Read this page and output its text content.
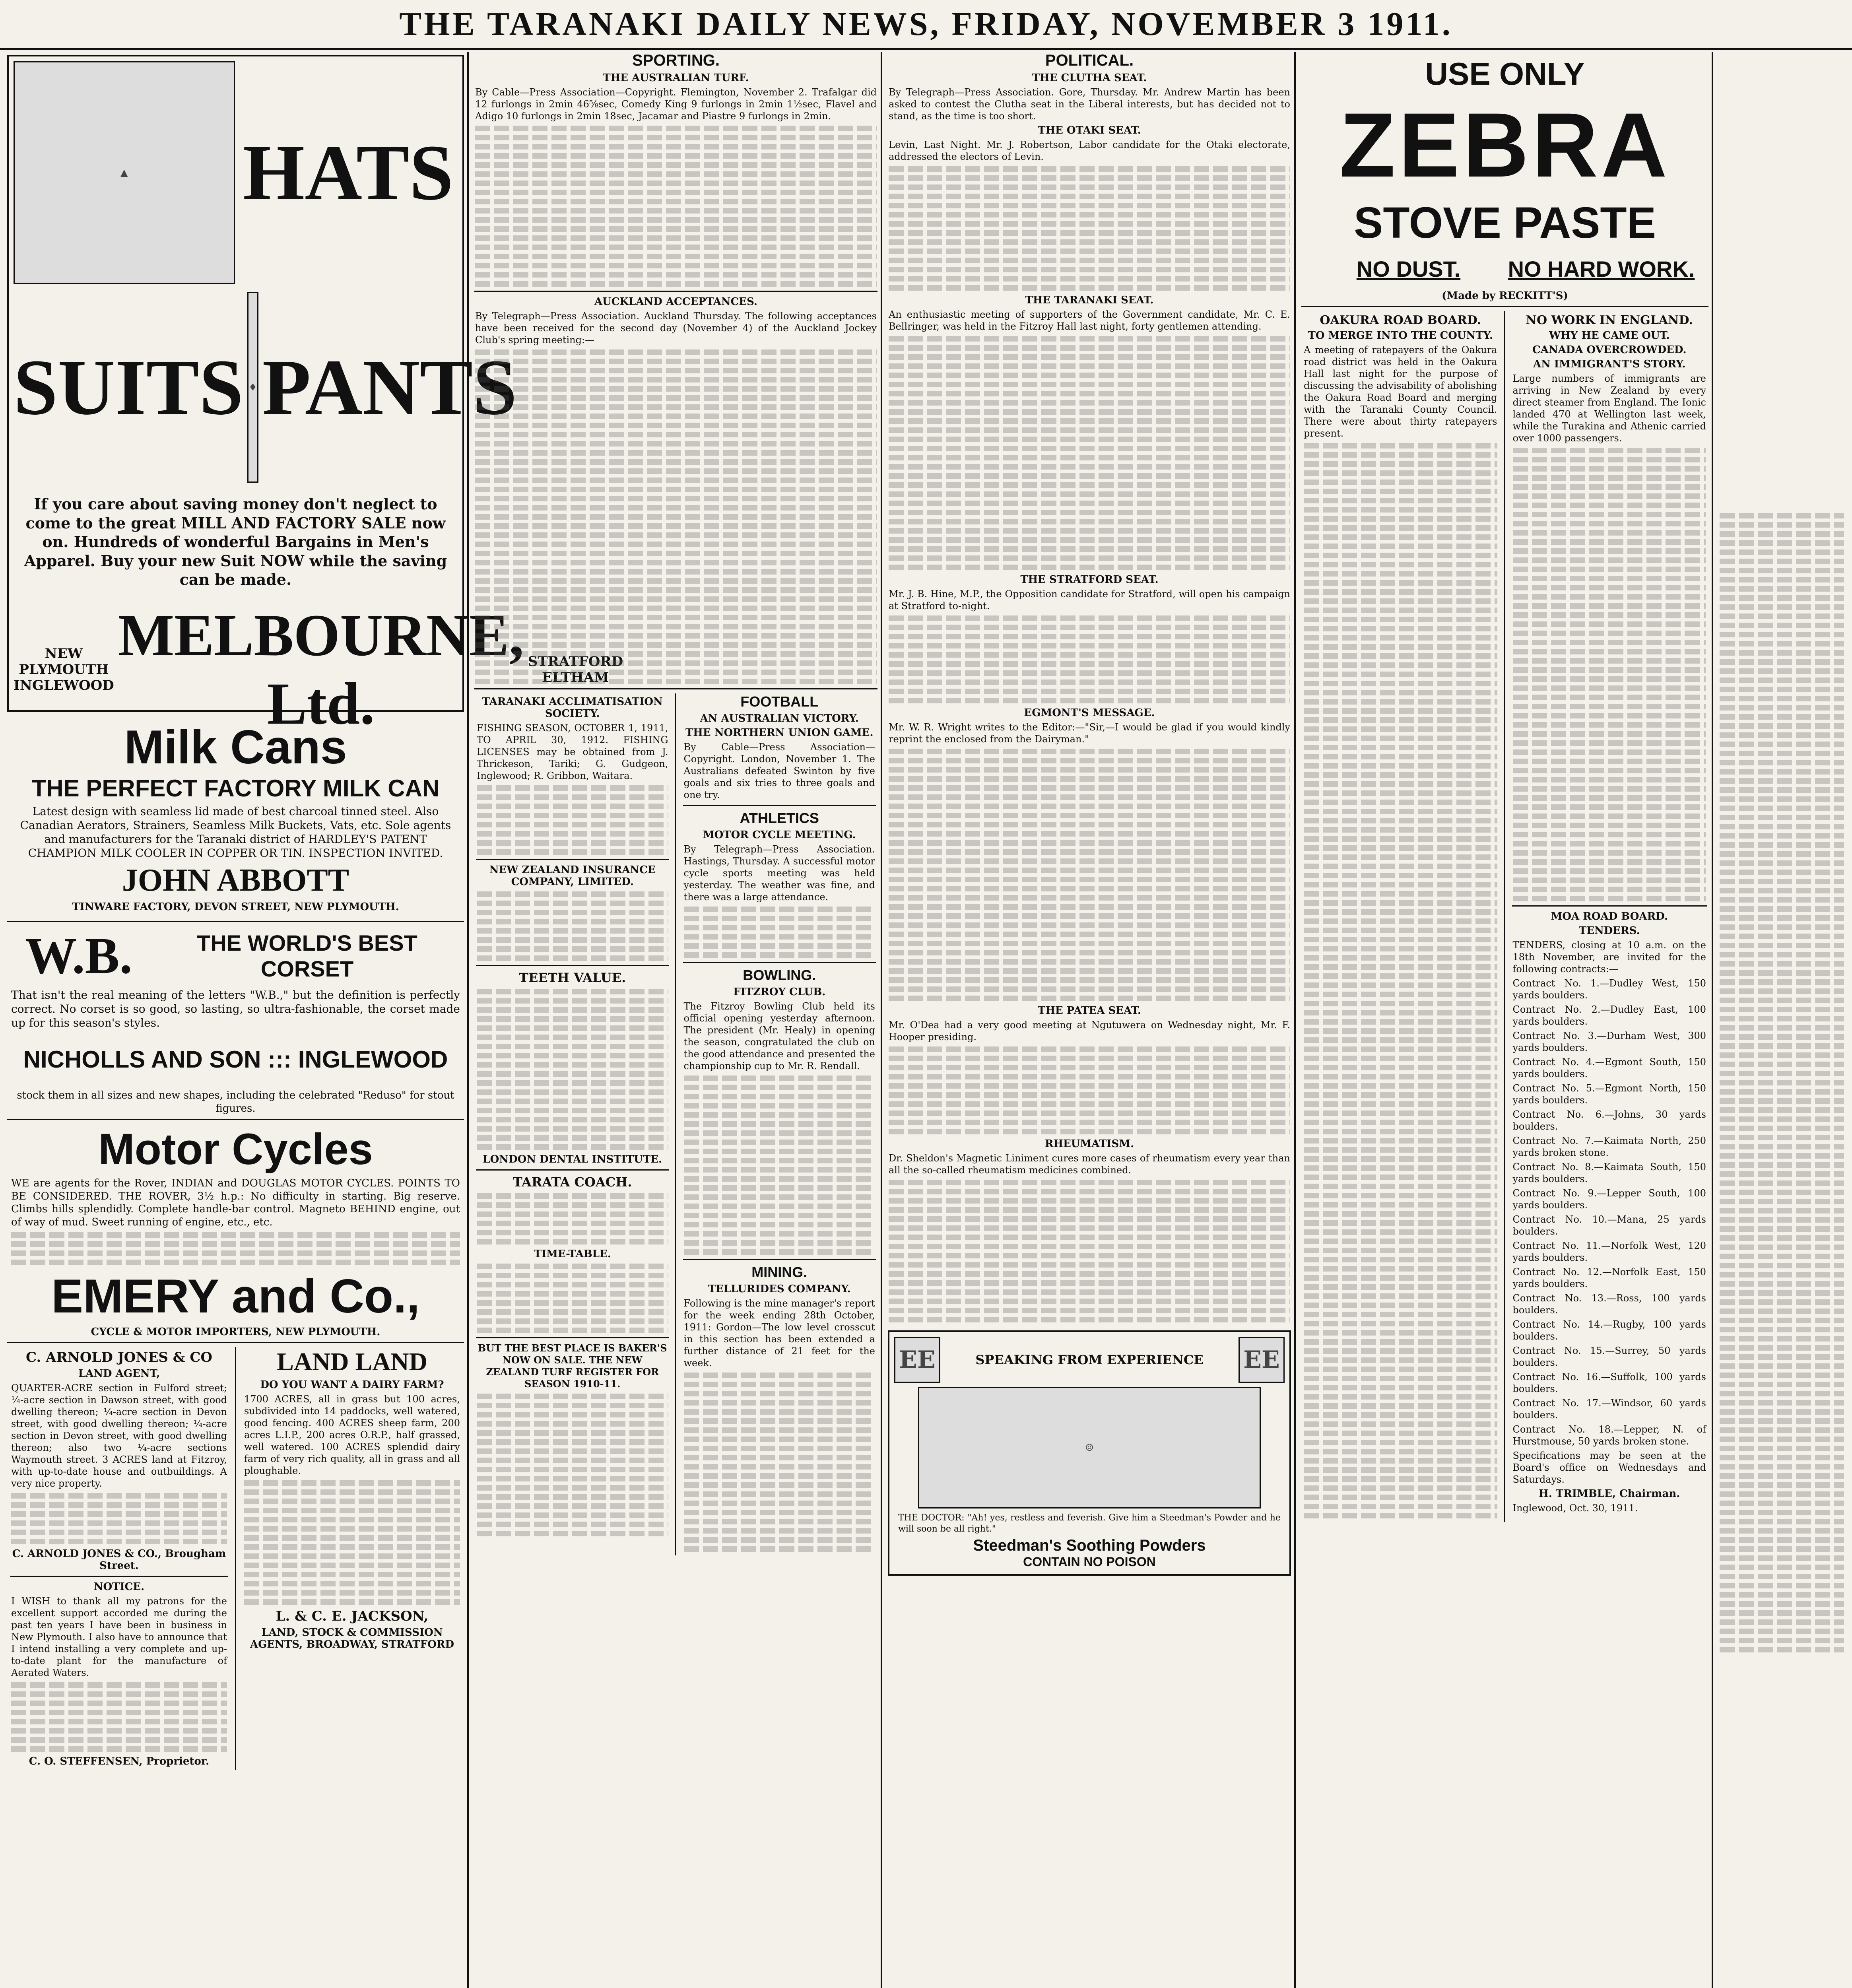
THE TARANAKI DAILY NEWS, FRIDAY, NOVEMBER 3 1911.
▲	HATS
SUITS ♦ PANTS
If you care about saving money don't neglect to come to the great MILL AND FACTORY SALE now on. Hundreds of wonderful Bargains in Men's Apparel. Buy your new Suit NOW while the saving can be made.
NEW PLYMOUTH INGLEWOOD
MELBOURNE, Ltd.
STRATFORD ELTHAM
Milk Cans
THE PERFECT FACTORY MILK CAN
Latest design with seamless lid made of best charcoal tinned steel. Also Canadian Aerators, Strainers, Seamless Milk Buckets, Vats, etc. Sole agents and manufacturers for the Taranaki district of HARDLEY'S PATENT CHAMPION MILK COOLER IN COPPER OR TIN. INSPECTION INVITED.
JOHN ABBOTT
TINWARE FACTORY, DEVON STREET, NEW PLYMOUTH.
W.B.	THE WORLD'S BEST CORSET
That isn't the real meaning of the letters "W.B.," but the definition is perfectly correct. No corset is so good, so lasting, so ultra-fashionable, the corset made up for this season's styles.
NICHOLLS AND SON ::: INGLEWOOD
stock them in all sizes and new shapes, including the celebrated "Reduso" for stout figures.
Motor Cycles
WE are agents for the Rover, INDIAN and DOUGLAS MOTOR CYCLES. POINTS TO BE CONSIDERED. THE ROVER, 3½ h.p.: No difficulty in starting. Big reserve. Climbs hills splendidly. Complete handle-bar control. Magneto BEHIND engine, out of way of mud. Sweet running of engine, etc., etc.
EMERY and Co.,
CYCLE & MOTOR IMPORTERS, NEW PLYMOUTH.
C. ARNOLD JONES & CO
LAND AGENT,
QUARTER-ACRE section in Fulford street; ¼-acre section in Dawson street, with good dwelling thereon; ¼-acre section in Devon street, with good dwelling thereon; ¼-acre section in Devon street, with good dwelling thereon; also two ¼-acre sections Waymouth street. 3 ACRES land at Fitzroy, with up-to-date house and outbuildings. A very nice property.
C. ARNOLD JONES & CO., Brougham Street.
NOTICE.
I WISH to thank all my patrons for the excellent support accorded me during the past ten years I have been in business in New Plymouth. I also have to announce that I intend installing a very complete and up-to-date plant for the manufacture of Aerated Waters.
C. O. STEFFENSEN, Proprietor.
LAND LAND
DO YOU WANT A DAIRY FARM?
1700 ACRES, all in grass but 100 acres, subdivided into 14 paddocks, well watered, good fencing. 400 ACRES sheep farm, 200 acres L.I.P., 200 acres O.R.P., half grassed, well watered. 100 ACRES splendid dairy farm of very rich quality, all in grass and all ploughable.
L. & C. E. JACKSON,
LAND, STOCK & COMMISSION AGENTS, BROADWAY, STRATFORD
SPORTING.
THE AUSTRALIAN TURF.
By Cable—Press Association—Copyright. Flemington, November 2. Trafalgar did 12 furlongs in 2min 46⅝sec, Comedy King 9 furlongs in 2min 1½sec, Flavel and Adigo 10 furlongs in 2min 18sec, Jacamar and Piastre 9 furlongs in 2min.
AUCKLAND ACCEPTANCES.
By Telegraph—Press Association. Auckland Thursday. The following acceptances have been received for the second day (November 4) of the Auckland Jockey Club's spring meeting:—
TARANAKI ACCLIMATISATION SOCIETY.
FISHING SEASON, OCTOBER 1, 1911, TO APRIL 30, 1912. FISHING LICENSES may be obtained from J. Thrickeson, Tariki; G. Gudgeon, Inglewood; R. Gribbon, Waitara.
NEW ZEALAND INSURANCE COMPANY, LIMITED.
TEETH VALUE.
LONDON DENTAL INSTITUTE.
TARATA COACH.
TIME-TABLE.
BUT THE BEST PLACE IS BAKER'S NOW ON SALE. THE NEW ZEALAND TURF REGISTER FOR SEASON 1910-11.
FOOTBALL
AN AUSTRALIAN VICTORY.
THE NORTHERN UNION GAME.
By Cable—Press Association—Copyright. London, November 1. The Australians defeated Swinton by five goals and six tries to three goals and one try.
ATHLETICS
MOTOR CYCLE MEETING.
By Telegraph—Press Association. Hastings, Thursday. A successful motor cycle sports meeting was held yesterday. The weather was fine, and there was a large attendance.
BOWLING.
FITZROY CLUB.
The Fitzroy Bowling Club held its official opening yesterday afternoon. The president (Mr. Healy) in opening the season, congratulated the club on the good attendance and presented the championship cup to Mr. R. Rendall.
MINING.
TELLURIDES COMPANY.
Following is the mine manager's report for the week ending 28th October, 1911: Gordon—The low level crosscut in this section has been extended a further distance of 21 feet for the week.
POLITICAL.
THE CLUTHA SEAT.
By Telegraph—Press Association. Gore, Thursday. Mr. Andrew Martin has been asked to contest the Clutha seat in the Liberal interests, but has decided not to stand, as the time is too short.
THE OTAKI SEAT.
Levin, Last Night. Mr. J. Robertson, Labor candidate for the Otaki electorate, addressed the electors of Levin.
THE TARANAKI SEAT.
An enthusiastic meeting of supporters of the Government candidate, Mr. C. E. Bellringer, was held in the Fitzroy Hall last night, forty gentlemen attending.
THE STRATFORD SEAT.
Mr. J. B. Hine, M.P., the Opposition candidate for Stratford, will open his campaign at Stratford to-night.
EGMONT'S MESSAGE.
Mr. W. R. Wright writes to the Editor:—"Sir,—I would be glad if you would kindly reprint the enclosed from the Dairyman."
THE PATEA SEAT.
Mr. O'Dea had a very good meeting at Ngutuwera on Wednesday night, Mr. F. Hooper presiding.
RHEUMATISM.
Dr. Sheldon's Magnetic Liniment cures more cases of rheumatism every year than all the so-called rheumatism medicines combined.
EE	SPEAKING FROM EXPERIENCE	EE
☺
THE DOCTOR: "Ah! yes, restless and feverish. Give him a Steedman's Powder and he will soon be all right."
Steedman's Soothing Powders
CONTAIN NO POISON
USE ONLY
ZEBRA
STOVE PASTE
NO DUST.	NO HARD WORK.
(Made by RECKITT'S)
OAKURA ROAD BOARD.
TO MERGE INTO THE COUNTY.
A meeting of ratepayers of the Oakura road district was held in the Oakura Hall last night for the purpose of discussing the advisability of abolishing the Oakura Road Board and merging with the Taranaki County Council. There were about thirty ratepayers present.
NO WORK IN ENGLAND.
WHY HE CAME OUT.
CANADA OVERCROWDED.
AN IMMIGRANT'S STORY.
Large numbers of immigrants are arriving in New Zealand by every direct steamer from England. The Ionic landed 470 at Wellington last week, while the Turakina and Athenic carried over 1000 passengers.
MOA ROAD BOARD.
TENDERS.
TENDERS, closing at 10 a.m. on the 18th November, are invited for the following contracts:—
Contract No. 1.—Dudley West, 150 yards boulders.
Contract No. 2.—Dudley East, 100 yards boulders.
Contract No. 3.—Durham West, 300 yards boulders.
Contract No. 4.—Egmont South, 150 yards boulders.
Contract No. 5.—Egmont North, 150 yards boulders.
Contract No. 6.—Johns, 30 yards boulders.
Contract No. 7.—Kaimata North, 250 yards broken stone.
Contract No. 8.—Kaimata South, 150 yards boulders.
Contract No. 9.—Lepper South, 100 yards boulders.
Contract No. 10.—Mana, 25 yards boulders.
Contract No. 11.—Norfolk West, 120 yards boulders.
Contract No. 12.—Norfolk East, 150 yards boulders.
Contract No. 13.—Ross, 100 yards boulders.
Contract No. 14.—Rugby, 100 yards boulders.
Contract No. 15.—Surrey, 50 yards boulders.
Contract No. 16.—Suffolk, 100 yards boulders.
Contract No. 17.—Windsor, 60 yards boulders.
Contract No. 18.—Lepper, N. of Hurstmouse, 50 yards broken stone.
Specifications may be seen at the Board's office on Wednesdays and Saturdays.
H. TRIMBLE, Chairman.
Inglewood, Oct. 30, 1911.
